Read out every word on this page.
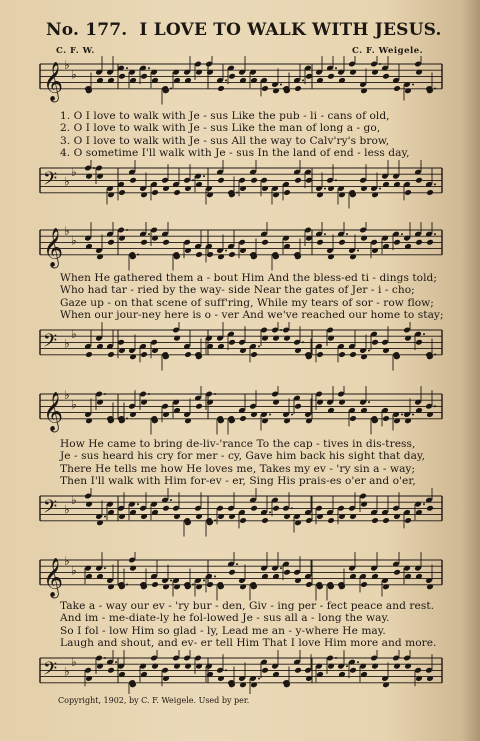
No. 177. I LOVE TO WALK WITH JESUS.
C. F. W.	C. F. Weigele.
𝄞 ♭
♭
1. O I love to walk with Je - sus Like the pub - li - cans of old,
2. O I love to walk with Je - sus Like the man of long a - go,
3. O I love to walk with Je - sus All the way to Calv'ry's brow,
4. O sometime I'll walk with Je - sus In the land of end - less day,
𝄢 ♭
♭
𝄞 ♭
♭
When He gathered them a - bout Him And the bless-ed ti - dings told;
Who had tar - ried by the way- side Near the gates of Jer - i - cho;
Gaze up - on that scene of suff'ring, While my tears of sor - row flow;
When our jour-ney here is o - ver And we've reached our home to stay;
𝄢 ♭
♭
𝄞 ♭
♭
How He came to bring de-liv-'rance To the cap - tives in dis-tress,
Je - sus heard his cry for mer - cy, Gave him back his sight that day,
There He tells me how He loves me, Takes my ev - 'ry sin a - way;
Then I'll walk with Him for-ev - er, Sing His prais-es o'er and o'er,
𝄢 ♭
♭
𝄞 ♭
♭
Take a - way our ev - 'ry bur - den, Giv - ing per - fect peace and rest.
And im - me-diate-ly he fol-lowed Je - sus all a - long the way.
So I fol - low Him so glad - ly, Lead me an - y-where He may.
Laugh and shout, and ev- er tell Him That I love Him more and more.
𝄢 ♭
♭
Copyright, 1902, by C. F. Weigele. Used by per.
